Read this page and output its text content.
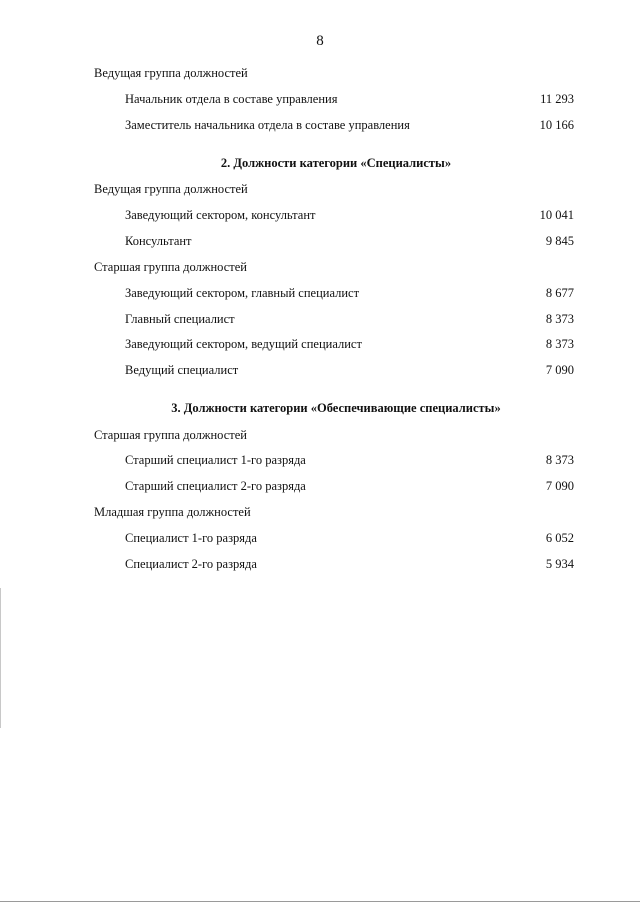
8
Ведущая группа должностей
Начальник отдела в составе управления	11 293
Заместитель начальника отдела в составе управления	10 166
2. Должности категории «Специалисты»
Ведущая группа должностей
Заведующий сектором, консультант	10 041
Консультант	9 845
Старшая группа должностей
Заведующий сектором, главный специалист	8 677
Главный специалист	8 373
Заведующий сектором, ведущий специалист	8 373
Ведущий специалист	7 090
3. Должности категории «Обеспечивающие специалисты»
Старшая группа должностей
Старший специалист 1-го разряда	8 373
Старший специалист 2-го разряда	7 090
Младшая группа должностей
Специалист 1-го разряда	6 052
Специалист 2-го разряда	5 934
